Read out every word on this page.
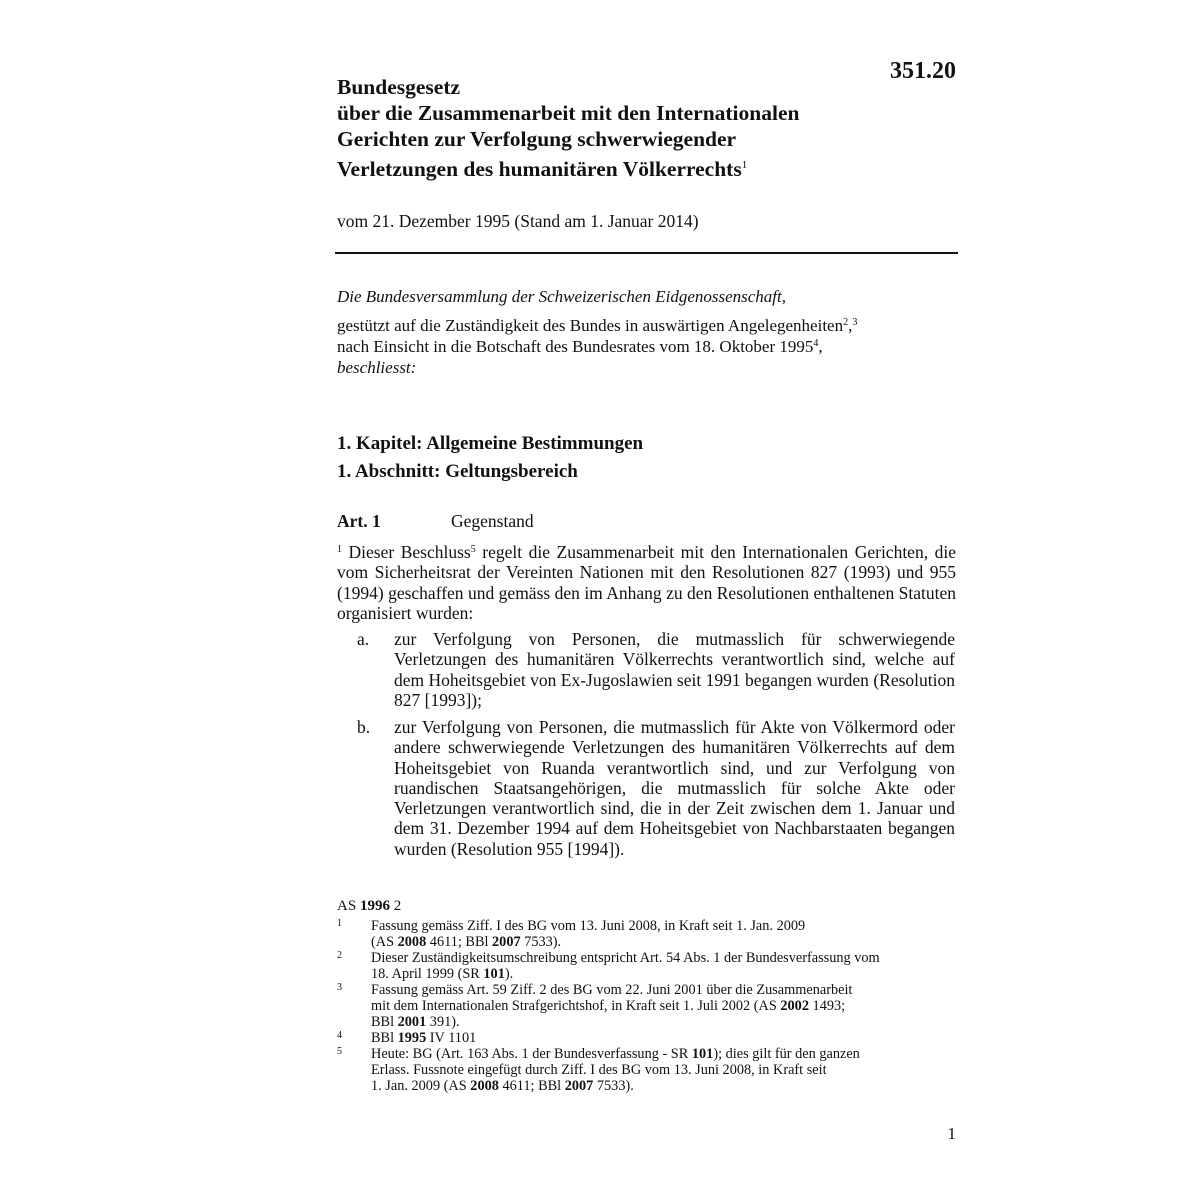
351.20
Bundesgesetz
über die Zusammenarbeit mit den Internationalen
Gerichten zur Verfolgung schwerwiegender
Verletzungen des humanitären Völkerrechts$^1$
vom 21. Dezember 1995 (Stand am 1. Januar 2014)
Die Bundesversammlung der Schweizerischen Eidgenossenschaft,
gestützt auf die Zuständigkeit des Bundes in auswärtigen Angelegenheiten$^2$,$^3$
nach Einsicht in die Botschaft des Bundesrates vom 18. Oktober 1995$^4$,
beschliesst:
1. Kapitel: Allgemeine Bestimmungen
1. Abschnitt: Geltungsbereich
Art. 1	Gegenstand
$^1$ Dieser Beschluss$^5$ regelt die Zusammenarbeit mit den Internationalen Gerichten, die vom Sicherheitsrat der Vereinten Nationen mit den Resolutionen 827 (1993) und 955 (1994) geschaffen und gemäss den im Anhang zu den Resolutionen enthaltenen Statuten organisiert wurden:
a. zur Verfolgung von Personen, die mutmasslich für schwerwiegende Verletzungen des humanitären Völkerrechts verantwortlich sind, welche auf dem Hoheitsgebiet von Ex-Jugoslawien seit 1991 begangen wurden (Resolution 827 [1993]);
b. zur Verfolgung von Personen, die mutmasslich für Akte von Völkermord oder andere schwerwiegende Verletzungen des humanitären Völkerrechts auf dem Hoheitsgebiet von Ruanda verantwortlich sind, und zur Verfolgung von ruandischen Staatsangehörigen, die mutmasslich für solche Akte oder Verletzungen verantwortlich sind, die in der Zeit zwischen dem 1. Januar und dem 31. Dezember 1994 auf dem Hoheitsgebiet von Nachbarstaaten begangen wurden (Resolution 955 [1994]).
AS 1996 2
1 Fassung gemäss Ziff. I des BG vom 13. Juni 2008, in Kraft seit 1. Jan. 2009
(AS 2008 4611; BBl 2007 7533).
2 Dieser Zuständigkeitsumschreibung entspricht Art. 54 Abs. 1 der Bundesverfassung vom
18. April 1999 (SR 101).
3 Fassung gemäss Art. 59 Ziff. 2 des BG vom 22. Juni 2001 über die Zusammenarbeit
mit dem Internationalen Strafgerichtshof, in Kraft seit 1. Juli 2002 (AS 2002 1493;
BBl 2001 391).
4 BBl 1995 IV 1101
5 Heute: BG (Art. 163 Abs. 1 der Bundesverfassung - SR 101); dies gilt für den ganzen
Erlass. Fussnote eingefügt durch Ziff. I des BG vom 13. Juni 2008, in Kraft seit
1. Jan. 2009 (AS 2008 4611; BBl 2007 7533).
1
